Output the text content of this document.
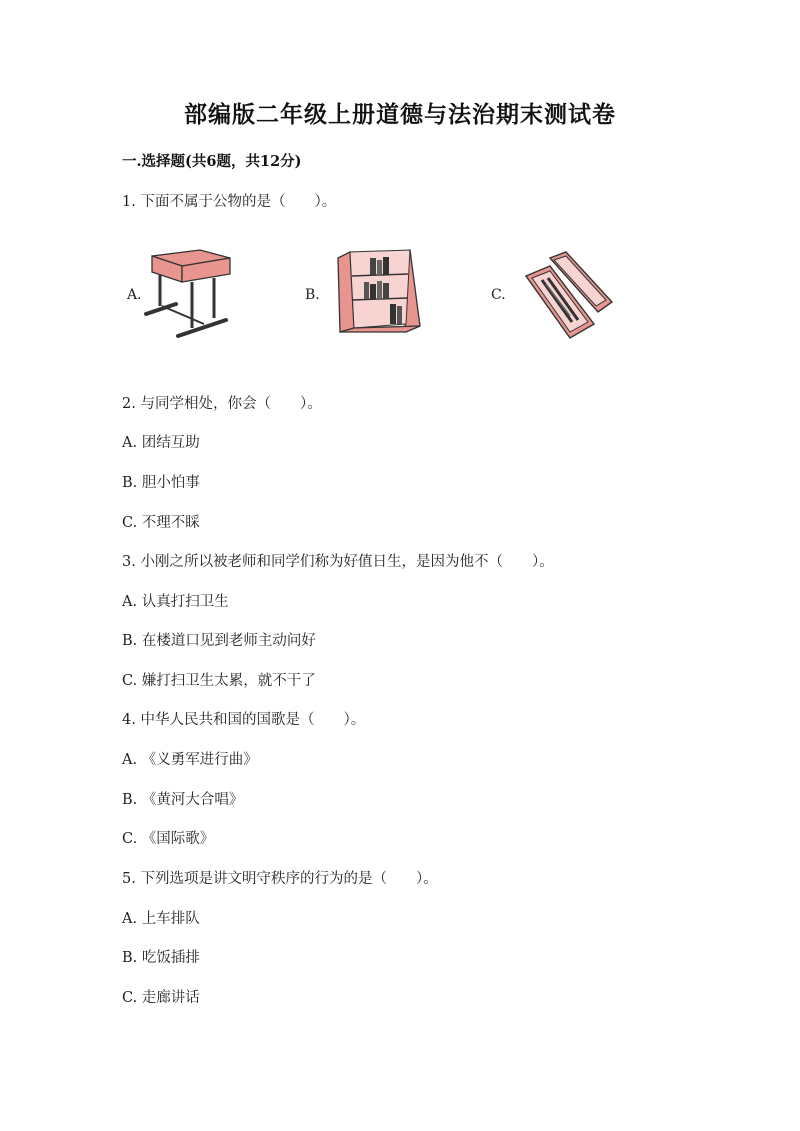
部编版二年级上册道德与法治期末测试卷
一.选择题(共6题，共12分)
1. 下面不属于公物的是（　　）。
A.	B.	C.
2. 与同学相处，你会（　　）。
A. 团结互助
B. 胆小怕事
C. 不理不睬
3. 小刚之所以被老师和同学们称为好值日生，是因为他不（　　）。
A. 认真打扫卫生
B. 在楼道口见到老师主动问好
C. 嫌打扫卫生太累，就不干了
4. 中华人民共和国的国歌是（　　）。
A. 《义勇军进行曲》
B. 《黄河大合唱》
C. 《国际歌》
5. 下列选项是讲文明守秩序的行为的是（　　）。
A. 上车排队
B. 吃饭插排
C. 走廊讲话
